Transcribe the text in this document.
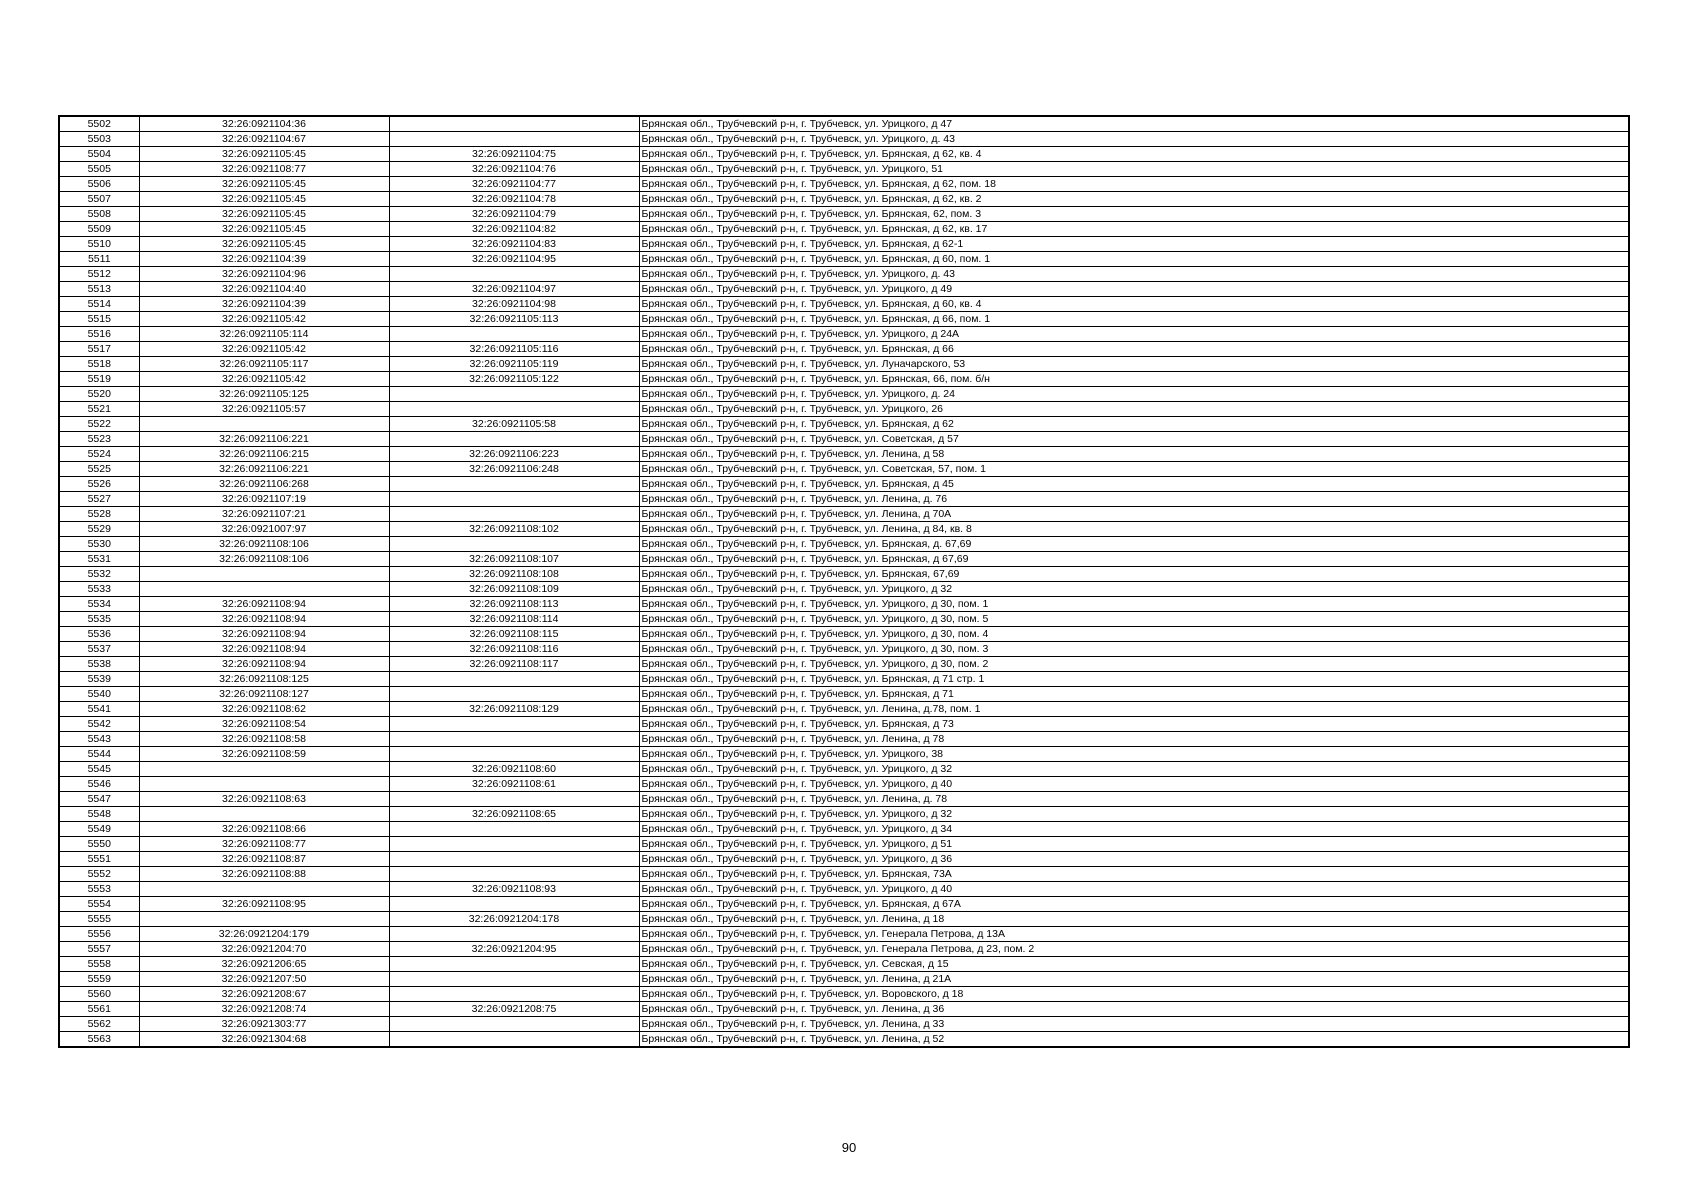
5502	32:26:0921104:36		Брянская обл., Трубчевский р-н, г. Трубчевск, ул. Урицкого, д 47
5503	32:26:0921104:67		Брянская обл., Трубчевский р-н, г. Трубчевск, ул. Урицкого, д. 43
5504	32:26:0921105:45	32:26:0921104:75	Брянская обл., Трубчевский р-н, г. Трубчевск, ул. Брянская, д 62, кв. 4
5505	32:26:0921108:77	32:26:0921104:76	Брянская обл., Трубчевский р-н, г. Трубчевск, ул. Урицкого, 51
5506	32:26:0921105:45	32:26:0921104:77	Брянская обл., Трубчевский р-н, г. Трубчевск, ул. Брянская, д 62, пом. 18
5507	32:26:0921105:45	32:26:0921104:78	Брянская обл., Трубчевский р-н, г. Трубчевск, ул. Брянская, д 62, кв. 2
5508	32:26:0921105:45	32:26:0921104:79	Брянская обл., Трубчевский р-н, г. Трубчевск, ул. Брянская, 62, пом. 3
5509	32:26:0921105:45	32:26:0921104:82	Брянская обл., Трубчевский р-н, г. Трубчевск, ул. Брянская, д 62, кв. 17
5510	32:26:0921105:45	32:26:0921104:83	Брянская обл., Трубчевский р-н, г. Трубчевск, ул. Брянская, д 62-1
5511	32:26:0921104:39	32:26:0921104:95	Брянская обл., Трубчевский р-н, г. Трубчевск, ул. Брянская, д 60, пом. 1
5512	32:26:0921104:96		Брянская обл., Трубчевский р-н, г. Трубчевск, ул. Урицкого, д. 43
5513	32:26:0921104:40	32:26:0921104:97	Брянская обл., Трубчевский р-н, г. Трубчевск, ул. Урицкого, д 49
5514	32:26:0921104:39	32:26:0921104:98	Брянская обл., Трубчевский р-н, г. Трубчевск, ул. Брянская, д 60, кв. 4
5515	32:26:0921105:42	32:26:0921105:113	Брянская обл., Трубчевский р-н, г. Трубчевск, ул. Брянская, д 66, пом. 1
5516	32:26:0921105:114		Брянская обл., Трубчевский р-н, г. Трубчевск, ул. Урицкого, д 24А
5517	32:26:0921105:42	32:26:0921105:116	Брянская обл., Трубчевский р-н, г. Трубчевск, ул. Брянская, д 66
5518	32:26:0921105:117	32:26:0921105:119	Брянская обл., Трубчевский р-н, г. Трубчевск, ул. Луначарского, 53
5519	32:26:0921105:42	32:26:0921105:122	Брянская обл., Трубчевский р-н, г. Трубчевск, ул. Брянская, 66, пом. б/н
5520	32:26:0921105:125		Брянская обл., Трубчевский р-н, г. Трубчевск, ул. Урицкого, д. 24
5521	32:26:0921105:57		Брянская обл., Трубчевский р-н, г. Трубчевск, ул. Урицкого, 26
5522		32:26:0921105:58	Брянская обл., Трубчевский р-н, г. Трубчевск, ул. Брянская, д 62
5523	32:26:0921106:221		Брянская обл., Трубчевский р-н, г. Трубчевск, ул. Советская, д 57
5524	32:26:0921106:215	32:26:0921106:223	Брянская обл., Трубчевский р-н, г. Трубчевск, ул. Ленина, д 58
5525	32:26:0921106:221	32:26:0921106:248	Брянская обл., Трубчевский р-н, г. Трубчевск, ул. Советская, 57, пом. 1
5526	32:26:0921106:268		Брянская обл., Трубчевский р-н, г. Трубчевск, ул. Брянская, д 45
5527	32:26:0921107:19		Брянская обл., Трубчевский р-н, г. Трубчевск, ул. Ленина, д. 76
5528	32:26:0921107:21		Брянская обл., Трубчевский р-н, г. Трубчевск, ул. Ленина, д 70А
5529	32:26:0921007:97	32:26:0921108:102	Брянская обл., Трубчевский р-н, г. Трубчевск, ул. Ленина, д 84, кв. 8
5530	32:26:0921108:106		Брянская обл., Трубчевский р-н, г. Трубчевск, ул. Брянская, д. 67,69
5531	32:26:0921108:106	32:26:0921108:107	Брянская обл., Трубчевский р-н, г. Трубчевск, ул. Брянская, д 67,69
5532		32:26:0921108:108	Брянская обл., Трубчевский р-н, г. Трубчевск, ул. Брянская, 67,69
5533		32:26:0921108:109	Брянская обл., Трубчевский р-н, г. Трубчевск, ул. Урицкого, д 32
5534	32:26:0921108:94	32:26:0921108:113	Брянская обл., Трубчевский р-н, г. Трубчевск, ул. Урицкого, д 30, пом. 1
5535	32:26:0921108:94	32:26:0921108:114	Брянская обл., Трубчевский р-н, г. Трубчевск, ул. Урицкого, д 30, пом. 5
5536	32:26:0921108:94	32:26:0921108:115	Брянская обл., Трубчевский р-н, г. Трубчевск, ул. Урицкого, д 30, пом. 4
5537	32:26:0921108:94	32:26:0921108:116	Брянская обл., Трубчевский р-н, г. Трубчевск, ул. Урицкого, д 30, пом. 3
5538	32:26:0921108:94	32:26:0921108:117	Брянская обл., Трубчевский р-н, г. Трубчевск, ул. Урицкого, д 30, пом. 2
5539	32:26:0921108:125		Брянская обл., Трубчевский р-н, г. Трубчевск, ул. Брянская, д 71 стр. 1
5540	32:26:0921108:127		Брянская обл., Трубчевский р-н, г. Трубчевск, ул. Брянская, д 71
5541	32:26:0921108:62	32:26:0921108:129	Брянская обл., Трубчевский р-н, г. Трубчевск, ул. Ленина, д.78, пом. 1
5542	32:26:0921108:54		Брянская обл., Трубчевский р-н, г. Трубчевск, ул. Брянская, д 73
5543	32:26:0921108:58		Брянская обл., Трубчевский р-н, г. Трубчевск, ул. Ленина, д 78
5544	32:26:0921108:59		Брянская обл., Трубчевский р-н, г. Трубчевск, ул. Урицкого, 38
5545		32:26:0921108:60	Брянская обл., Трубчевский р-н, г. Трубчевск, ул. Урицкого, д 32
5546		32:26:0921108:61	Брянская обл., Трубчевский р-н, г. Трубчевск, ул. Урицкого, д 40
5547	32:26:0921108:63		Брянская обл., Трубчевский р-н, г. Трубчевск, ул. Ленина, д. 78
5548		32:26:0921108:65	Брянская обл., Трубчевский р-н, г. Трубчевск, ул. Урицкого, д 32
5549	32:26:0921108:66		Брянская обл., Трубчевский р-н, г. Трубчевск, ул. Урицкого, д 34
5550	32:26:0921108:77		Брянская обл., Трубчевский р-н, г. Трубчевск, ул. Урицкого, д 51
5551	32:26:0921108:87		Брянская обл., Трубчевский р-н, г. Трубчевск, ул. Урицкого, д 36
5552	32:26:0921108:88		Брянская обл., Трубчевский р-н, г. Трубчевск, ул. Брянская, 73А
5553		32:26:0921108:93	Брянская обл., Трубчевский р-н, г. Трубчевск, ул. Урицкого, д 40
5554	32:26:0921108:95		Брянская обл., Трубчевский р-н, г. Трубчевск, ул. Брянская, д 67А
5555		32:26:0921204:178	Брянская обл., Трубчевский р-н, г. Трубчевск, ул. Ленина, д 18
5556	32:26:0921204:179		Брянская обл., Трубчевский р-н, г. Трубчевск, ул. Генерала Петрова, д 13А
5557	32:26:0921204:70	32:26:0921204:95	Брянская обл., Трубчевский р-н, г. Трубчевск, ул. Генерала Петрова, д 23, пом. 2
5558	32:26:0921206:65		Брянская обл., Трубчевский р-н, г. Трубчевск, ул. Севская, д 15
5559	32:26:0921207:50		Брянская обл., Трубчевский р-н, г. Трубчевск, ул. Ленина, д 21А
5560	32:26:0921208:67		Брянская обл., Трубчевский р-н, г. Трубчевск, ул. Воровского, д 18
5561	32:26:0921208:74	32:26:0921208:75	Брянская обл., Трубчевский р-н, г. Трубчевск, ул. Ленина, д 36
5562	32:26:0921303:77		Брянская обл., Трубчевский р-н, г. Трубчевск, ул. Ленина, д 33
5563	32:26:0921304:68		Брянская обл., Трубчевский р-н, г. Трубчевск, ул. Ленина, д 52
90
